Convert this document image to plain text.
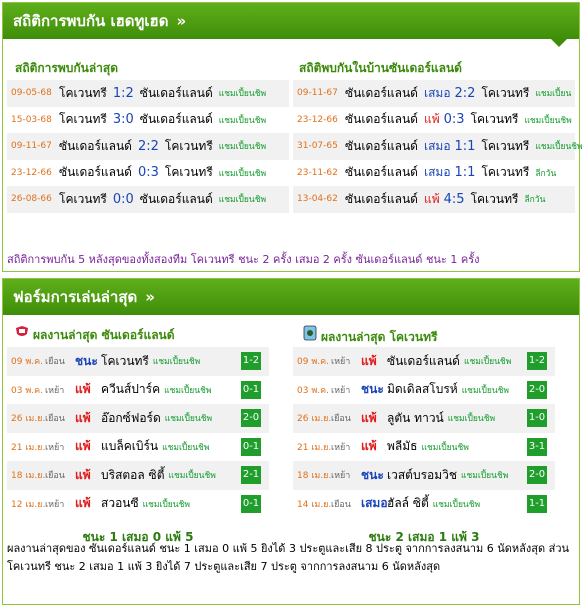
สถิติการพบกัน เฮดทูเฮด »
สถิติการพบกันล่าสุด	สถิติพบกันในบ้านซันเดอร์แลนด์
09-05-68 โคเวนทรี 1:2 ซันเดอร์แลนด์ แชมเปี้ยนชิพ
15-03-68 โคเวนทรี 3:0 ซันเดอร์แลนด์ แชมเปี้ยนชิพ
09-11-67 ซันเดอร์แลนด์ 2:2 โคเวนทรี แชมเปี้ยนชิพ
23-12-66 ซันเดอร์แลนด์ 0:3 โคเวนทรี แชมเปี้ยนชิพ
26-08-66 โคเวนทรี 0:0 ซันเดอร์แลนด์ แชมเปี้ยนชิพ
09-11-67 ซันเดอร์แลนด์ เสมอ 2:2 โคเวนทรี แชมเปี้ยน
23-12-66 ซันเดอร์แลนด์ แพ้ 0:3 โคเวนทรี แชมเปี้ยนชิพ
31-07-65 ซันเดอร์แลนด์ เสมอ 1:1 โคเวนทรี แชมเปี้ยนชิพ
23-11-62 ซันเดอร์แลนด์ เสมอ 1:1 โคเวนทรี ลีกวัน
13-04-62 ซันเดอร์แลนด์ แพ้ 4:5 โคเวนทรี ลีกวัน
สถิติการพบกัน 5 หลังสุดของทั้งสองทีม โคเวนทรี ชนะ 2 ครั้ง เสมอ 2 ครั้ง ซันเดอร์แลนด์ ชนะ 1 ครั้ง
ฟอร์มการเล่นล่าสุด »
ผลงานล่าสุด ซันเดอร์แลนด์	ผลงานล่าสุด โคเวนทรี
09 พ.ค. เยือน ชนะ โคเวนทรี แชมเปี้ยนชิพ	1-2
03 พ.ค. เหย้า แพ้ ควีนส์ปาร์ค แชมเปี้ยนชิพ	0-1
26 เม.ย. เยือน แพ้ อ๊อกซ์ฟอร์ด แชมเปี้ยนชิพ	2-0
21 เม.ย. เหย้า แพ้ แบล็คเบิร์น แชมเปี้ยนชิพ	0-1
18 เม.ย. เยือน แพ้ บริสตอล ซิตี้ แชมเปี้ยนชิพ	2-1
12 เม.ย. เหย้า แพ้ สวอนซี แชมเปี้ยนชิพ	0-1
ชนะ 1 เสมอ 0 แพ้ 5
09 พ.ค. เหย้า แพ้ ซันเดอร์แลนด์ แชมเปี้ยนชิพ 1-2
03 พ.ค. เหย้า ชนะ มิดเดิลสโบรห์ แชมเปี้ยนชิพ 2-0
26 เม.ย. เยือน แพ้ ลูตัน ทาวน์ แชมเปี้ยนชิพ	1-0
21 เม.ย. เหย้า แพ้ พลีมัธ แชมเปี้ยนชิพ	3-1
18 เม.ย. เหย้า ชนะ เวสต์บรอมวิช แชมเปี้ยนชิพ 2-0
14 เม.ย. เยือน เสมอ ฮัลล์ ซิตี้ แชมเปี้ยนชิพ	1-1
ชนะ 2 เสมอ 1 แพ้ 3
ผลงานล่าสุดของ ซันเดอร์แลนด์ ชนะ 1 เสมอ 0 แพ้ 5 ยิงได้ 3 ประตูและเสีย 8 ประตู จากการลงสนาม 6 นัดหลังสุด ส่วน โคเวนทรี ชนะ 2 เสมอ 1 แพ้ 3 ยิงได้ 7 ประตูและเสีย 7 ประตู จากการลงสนาม 6 นัดหลังสุด
